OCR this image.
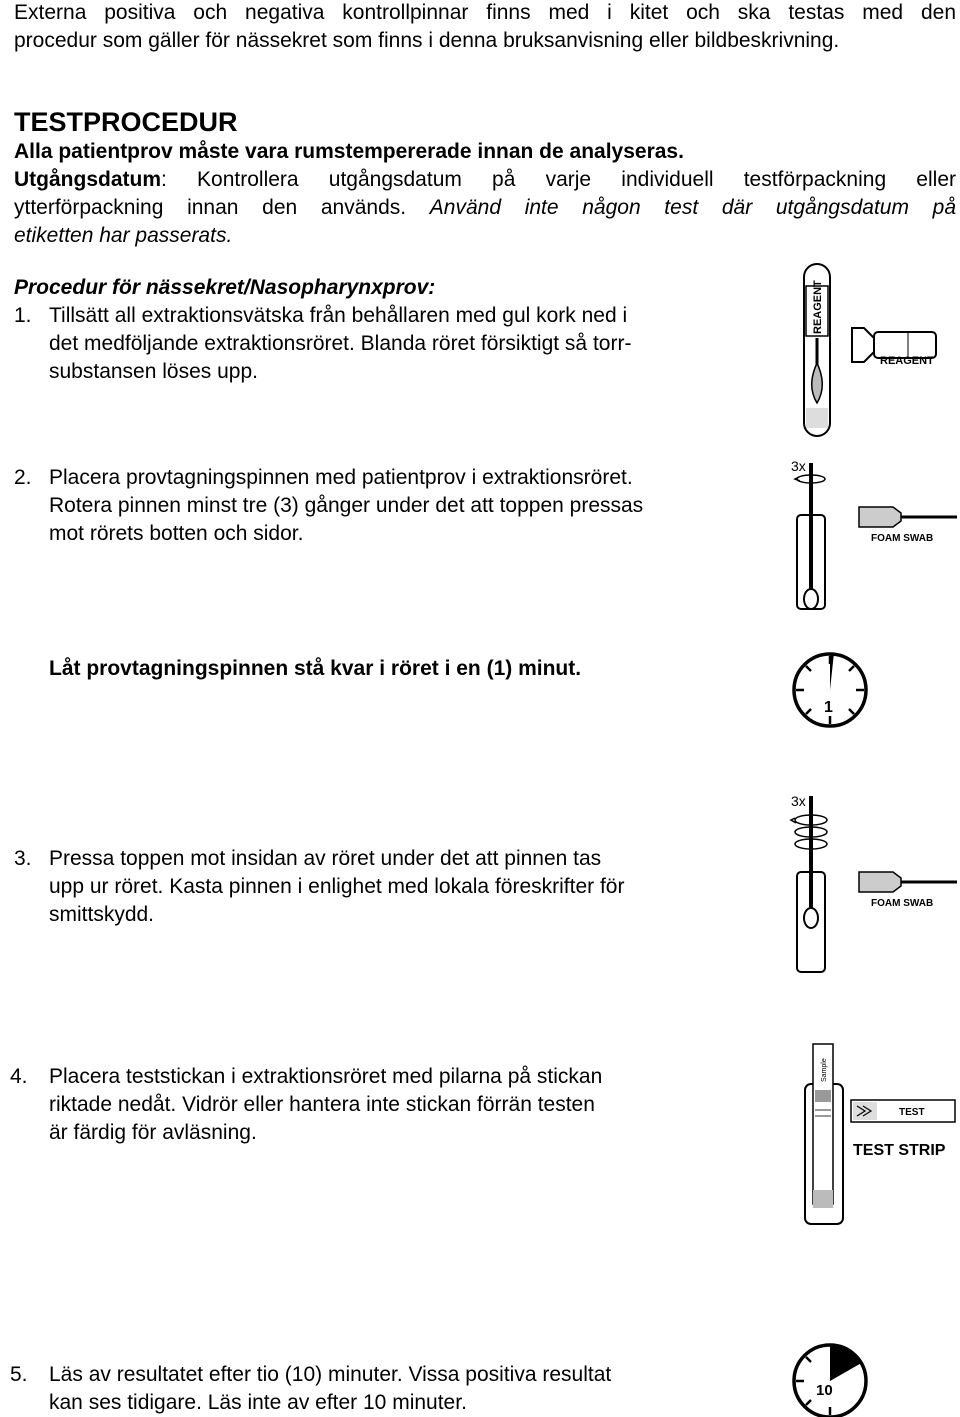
Externa positiva och negativa kontrollpinnar finns med i kitet och ska testas med den
procedur som gäller för nässekret som finns i denna bruksanvisning eller bildbeskrivning.
TESTPROCEDUR
Alla patientprov måste vara rumstempererade innan de analyseras.
Utgångsdatum: Kontrollera utgångsdatum på varje individuell testförpackning eller
ytterförpackning innan den används. Använd inte någon test där utgångsdatum på
etiketten har passerats.
Procedur för nässekret/Nasopharynxprov:
1. Tillsätt all extraktionsvätska från behållaren med gul kork ned i
det medföljande extraktionsröret. Blanda röret försiktigt så torr-
substansen löses upp.
2. Placera provtagningspinnen med patientprov i extraktionsröret.
Rotera pinnen minst tre (3) gånger under det att toppen pressas
mot rörets botten och sidor.
Låt provtagningspinnen stå kvar i röret i en (1) minut.
3. Pressa toppen mot insidan av röret under det att pinnen tas
upp ur röret. Kasta pinnen i enlighet med lokala föreskrifter för
smittskydd.
4. Placera teststickan i extraktionsröret med pilarna på stickan
riktade nedåt. Vidrör eller hantera inte stickan förrän testen
är färdig för avläsning.
5. Läs av resultatet efter tio (10) minuter. Vissa positiva resultat
kan ses tidigare. Läs inte av efter 10 minuter.
REAGENT
REAGENT
3x
FOAM SWAB
1
3x
FOAM SWAB
Sample
TEST
TEST STRIP
10
